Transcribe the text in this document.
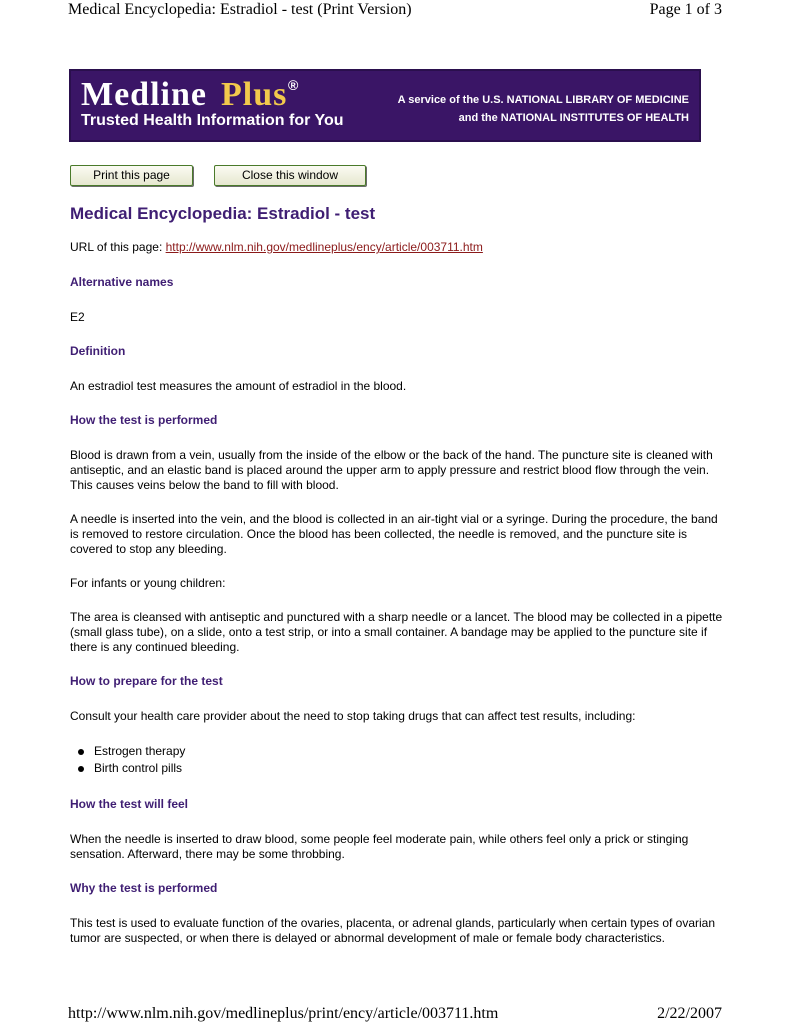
Medical Encyclopedia: Estradiol - test (Print Version)	Page 1 of 3
Medline Plus ®
Trusted Health Information for You
A service of the U.S. NATIONAL LIBRARY OF MEDICINE
and the NATIONAL INSTITUTES OF HEALTH
Print this page	Close this window
Medical Encyclopedia: Estradiol - test

URL of this page: http://www.nlm.nih.gov/medlineplus/ency/article/003711.htm

Alternative names

E2

Definition

An estradiol test measures the amount of estradiol in the blood.

How the test is performed

Blood is drawn from a vein, usually from the inside of the elbow or the back of the hand. The puncture site is cleaned with antiseptic, and an elastic band is placed around the upper arm to apply pressure and restrict blood flow through the vein. This causes veins below the band to fill with blood.

A needle is inserted into the vein, and the blood is collected in an air-tight vial or a syringe. During the procedure, the band is removed to restore circulation. Once the blood has been collected, the needle is removed, and the puncture site is covered to stop any bleeding.

For infants or young children:

The area is cleansed with antiseptic and punctured with a sharp needle or a lancet. The blood may be collected in a pipette (small glass tube), on a slide, onto a test strip, or into a small container. A bandage may be applied to the puncture site if there is any continued bleeding.

How to prepare for the test

Consult your health care provider about the need to stop taking drugs that can affect test results, including:

Estrogen therapy
Birth control pills
How the test will feel

When the needle is inserted to draw blood, some people feel moderate pain, while others feel only a prick or stinging sensation. Afterward, there may be some throbbing.

Why the test is performed

This test is used to evaluate function of the ovaries, placenta, or adrenal glands, particularly when certain types of ovarian tumor are suspected, or when there is delayed or abnormal development of male or female body characteristics.

http://www.nlm.nih.gov/medlineplus/print/ency/article/003711.htm	2/22/2007
